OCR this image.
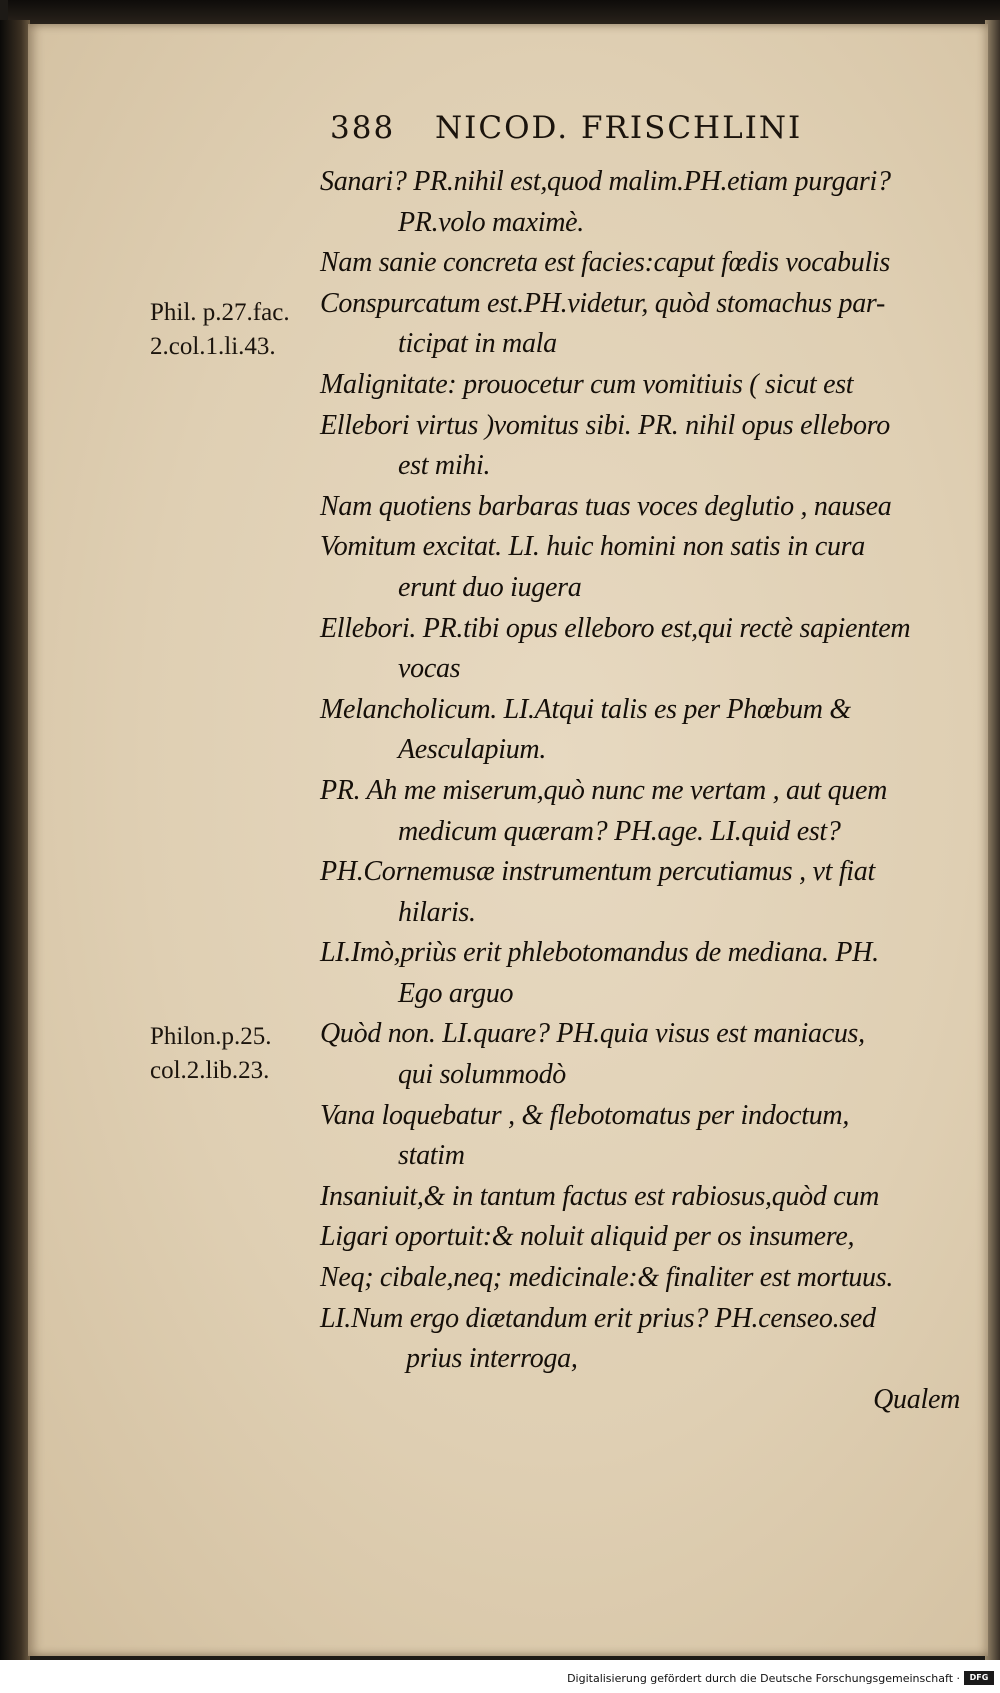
388 NICOD. FRISCHLINI
Phil. p.27.fac.
2.col.1.li.43.
Philon.p.25.
col.2.lib.23.
Sanari? PR.nihil est,quod malim.PH.etiam purgari?
PR.volo maximè.
Nam sanie concreta est facies:caput fœdis vocabulis
Conspurcatum est.PH.videtur, quòd stomachus par-
ticipat in mala
Malignitate: prouocetur cum vomitiuis ( sicut est
Ellebori virtus )vomitus sibi. PR. nihil opus elleboro
est mihi.
Nam quotiens barbaras tuas voces deglutio , nausea
Vomitum excitat. LI. huic homini non satis in cura
erunt duo iugera
Ellebori. PR.tibi opus elleboro est,qui rectè sapientem
vocas
Melancholicum. LI.Atqui talis es per Phœbum &
Aesculapium.
PR. Ah me miserum,quò nunc me vertam , aut quem
medicum quæram? PH.age. LI.quid est?
PH.Cornemusæ instrumentum percutiamus , vt fiat
hilaris.
LI.Imò,priùs erit phlebotomandus de mediana. PH.
Ego arguo
Quòd non. LI.quare? PH.quia visus est maniacus,
qui solummodò
Vana loquebatur , & flebotomatus per indoctum,
statim
Insaniuit,& in tantum factus est rabiosus,quòd cum
Ligari oportuit:& noluit aliquid per os insumere,
Neq; cibale,neq; medicinale:& finaliter est mortuus.
LI.Num ergo diætandum erit prius? PH.censeo.sed
prius interroga,
Qualem
Digitalisierung gefördert durch die Deutsche Forschungsgemeinschaft ·	DFG
